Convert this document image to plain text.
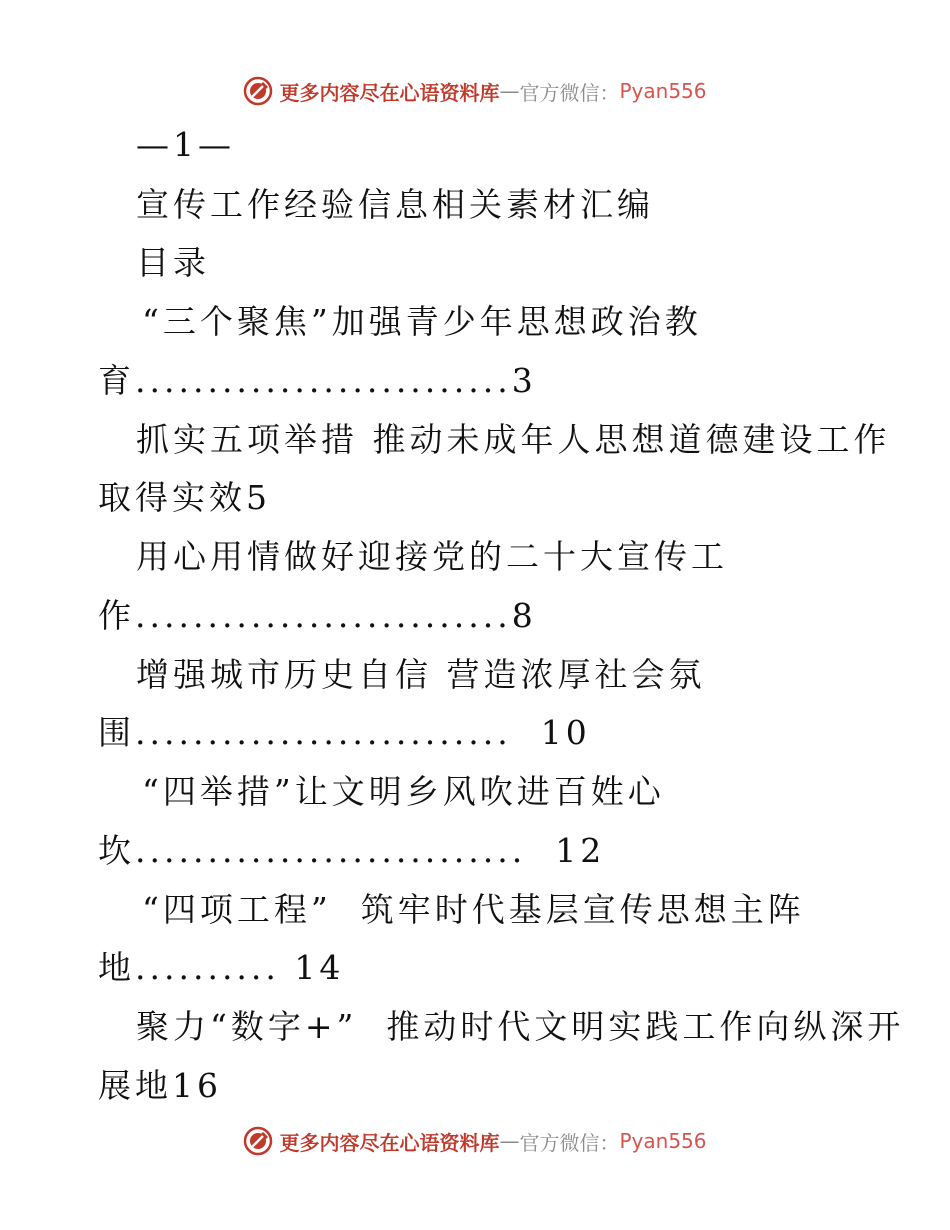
更多内容尽在心语资料库 — 官方微信： Pyan556
—1—
宣传工作经验信息相关素材汇编
目录
“三个聚焦”加强青少年思想政治教
育..........................3
抓实五项举措 推动未成年人思想道德建设工作
取得实效5
用心用情做好迎接党的二十大宣传工
作..........................8
增强城市历史自信 营造浓厚社会氛
围..........................  10
“四举措”让文明乡风吹进百姓心
坎...........................  12
“四项工程”  筑牢时代基层宣传思想主阵
地.......... 14
聚力“数字+”  推动时代文明实践工作向纵深开
展地16
更多内容尽在心语资料库 — 官方微信： Pyan556
